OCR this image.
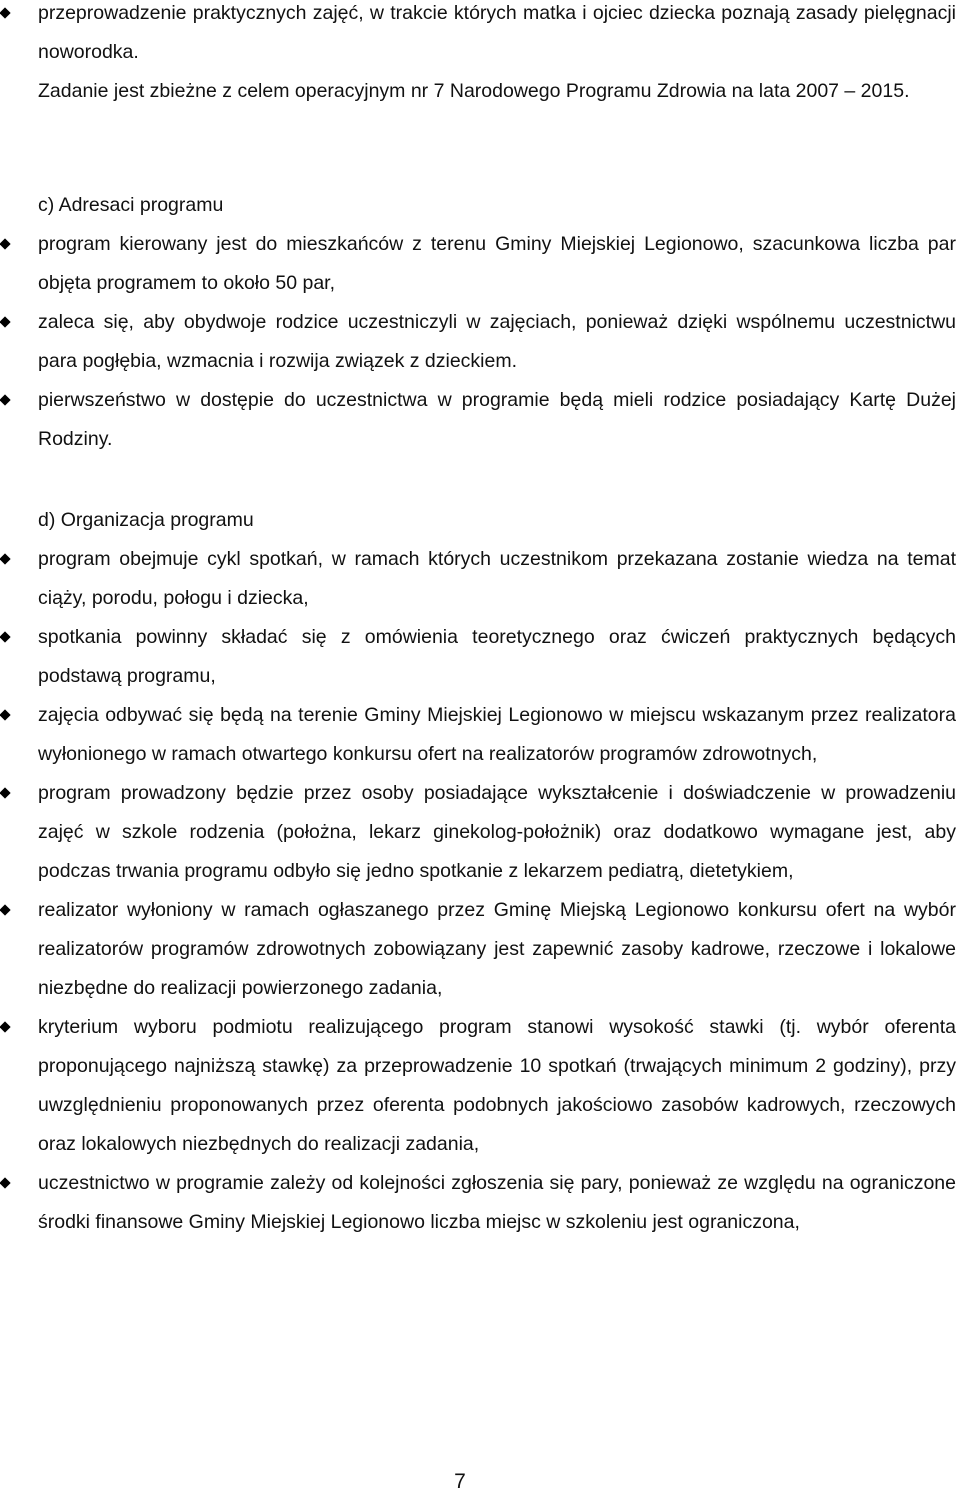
przeprowadzenie praktycznych zajęć, w trakcie których matka i ojciec dziecka poznają zasady pielęgnacji noworodka.

Zadanie jest zbieżne z celem operacyjnym nr 7 Narodowego Programu Zdrowia na lata 2007 – 2015.

c) Adresaci programu
program kierowany jest do mieszkańców z terenu Gminy Miejskiej Legionowo, szacunkowa liczba par objęta programem to około 50 par,
zaleca się, aby obydwoje rodzice uczestniczyli w zajęciach, ponieważ dzięki wspólnemu uczestnictwu para pogłębia, wzmacnia i rozwija związek z dzieckiem.
pierwszeństwo w dostępie do uczestnictwa w programie będą mieli rodzice posiadający Kartę Dużej Rodziny.
d) Organizacja programu
program obejmuje cykl spotkań, w ramach których uczestnikom przekazana zostanie wiedza na temat ciąży, porodu, połogu i dziecka,
spotkania powinny składać się z omówienia teoretycznego oraz ćwiczeń praktycznych będących podstawą programu,
zajęcia odbywać się będą na terenie Gminy Miejskiej Legionowo w miejscu wskazanym przez realizatora wyłonionego w ramach otwartego konkursu ofert na realizatorów programów zdrowotnych,
program prowadzony będzie przez osoby posiadające wykształcenie i doświadczenie w prowadzeniu zajęć w szkole rodzenia (położna, lekarz ginekolog-położnik) oraz dodatkowo wymagane jest, aby podczas trwania programu odbyło się jedno spotkanie z lekarzem pediatrą, dietetykiem,
realizator wyłoniony w ramach ogłaszanego przez Gminę Miejską Legionowo konkursu ofert na wybór realizatorów programów zdrowotnych zobowiązany jest zapewnić zasoby kadrowe, rzeczowe i lokalowe niezbędne do realizacji powierzonego zadania,
kryterium wyboru podmiotu realizującego program stanowi wysokość stawki (tj. wybór oferenta proponującego najniższą stawkę) za przeprowadzenie 10 spotkań (trwających minimum 2 godziny), przy uwzględnieniu proponowanych przez oferenta podobnych jakościowo zasobów kadrowych, rzeczowych oraz lokalowych niezbędnych do realizacji zadania,
uczestnictwo w programie zależy od kolejności zgłoszenia się pary, ponieważ ze względu na ograniczone środki finansowe Gminy Miejskiej Legionowo liczba miejsc w szkoleniu jest ograniczona,
7
